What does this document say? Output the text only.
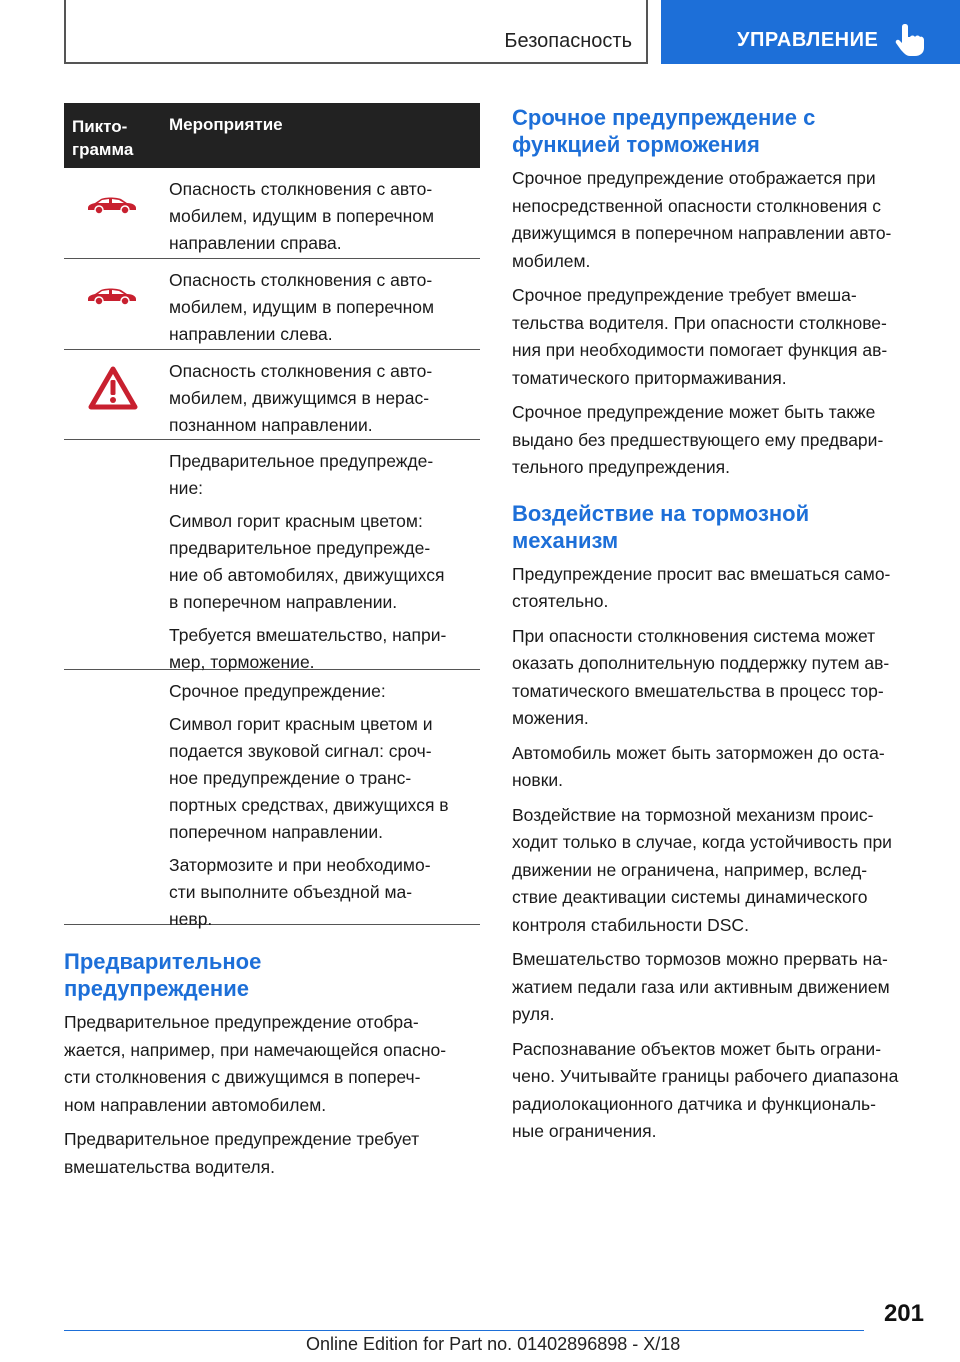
Безопасность	УПРАВЛЕНИЕ
Пикто-
грамма
Мероприятие

Опасность столкновения с авто-
мобилем, идущим в поперечном
направлении справа.

Опасность столкновения с авто-
мобилем, идущим в поперечном
направлении слева.

Опасность столкновения с авто-
мобилем, движущимся в нерас-
познанном направлении.

Предварительное предупрежде-
ние:

Символ горит красным цветом:
предварительное предупрежде-
ние об автомобилях, движущихся
в поперечном направлении.

Требуется вмешательство, напри-
мер, торможение.

Срочное предупреждение:

Символ горит красным цветом и
подается звуковой сигнал: сроч-
ное предупреждение о транс-
портных средствах, движущихся в
поперечном направлении.

Затормозите и при необходимо-
сти выполните объездной ма-
невр.

Предварительное
предупреждение

Предварительное предупреждение отобра-
жается, например, при намечающейся опасно-
сти столкновения с движущимся в попереч-
ном направлении автомобилем.

Предварительное предупреждение требует
вмешательства водителя.

Срочное предупреждение с
функцией торможения

Срочное предупреждение отображается при
непосредственной опасности столкновения с
движущимся в поперечном направлении авто-
мобилем.

Срочное предупреждение требует вмеша-
тельства водителя. При опасности столкнове-
ния при необходимости помогает функция ав-
томатического притормаживания.

Срочное предупреждение может быть также
выдано без предшествующего ему предвари-
тельного предупреждения.

Воздействие на тормозной
механизм

Предупреждение просит вас вмешаться само-
стоятельно.

При опасности столкновения система может
оказать дополнительную поддержку путем ав-
томатического вмешательства в процесс тор-
можения.

Автомобиль может быть заторможен до оста-
новки.

Воздействие на тормозной механизм проис-
ходит только в случае, когда устойчивость при
движении не ограничена, например, вслед-
ствие деактивации системы динамического
контроля стабильности DSC.

Вмешательство тормозов можно прервать на-
жатием педали газа или активным движением
руля.

Распознавание объектов может быть ограни-
чено. Учитывайте границы рабочего диапазона
радиолокационного датчика и функциональ-
ные ограничения.

201
Online Edition for Part no. 01402896898 - X/18
